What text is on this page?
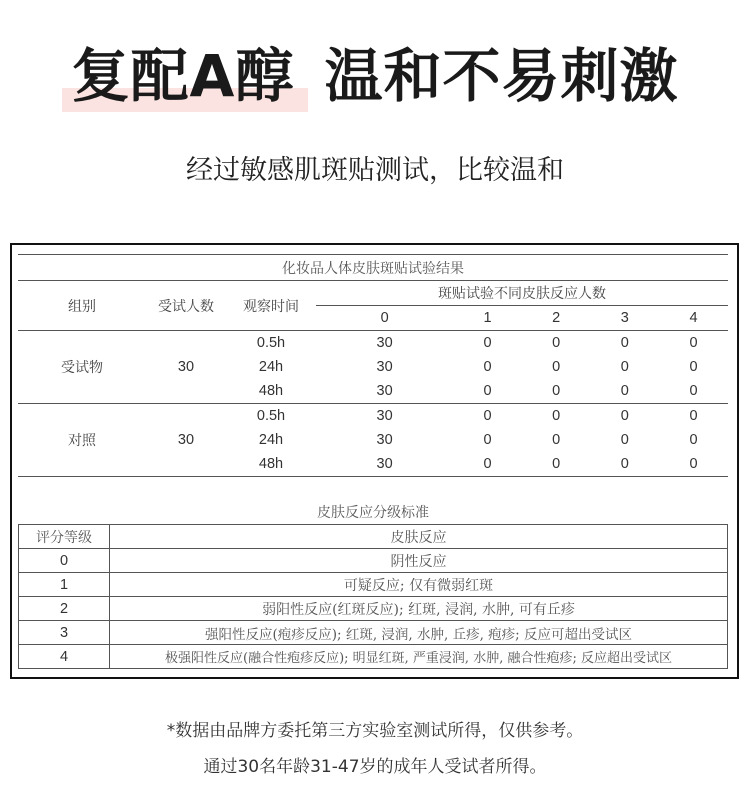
复配A醇 温和不易刺激
经过敏感肌斑贴测试，比较温和
化妆品人体皮肤斑贴试验结果							
组别	受试人数	观察时间	斑贴试验不同皮肤反应人数				
			0	1	2	3	4
受试物	30	0.5h	30	0	0	0	0
		24h	30	0	0	0	0
		48h	30	0	0	0	0
对照	30	0.5h	30	0	0	0	0
		24h	30	0	0	0	0
		48h	30	0	0	0	0
皮肤反应分级标准
评分等级	皮肤反应
0	阴性反应
1	可疑反应; 仅有微弱红斑
2	弱阳性反应(红斑反应); 红斑, 浸润, 水肿, 可有丘疹
3	强阳性反应(疱疹反应); 红斑, 浸润, 水肿, 丘疹, 疱疹; 反应可超出受试区
4	极强阳性反应(融合性疱疹反应); 明显红斑, 严重浸润, 水肿, 融合性疱疹; 反应超出受试区
*数据由品牌方委托第三方实验室测试所得，仅供参考。
通过30名年龄31-47岁的成年人受试者所得。
